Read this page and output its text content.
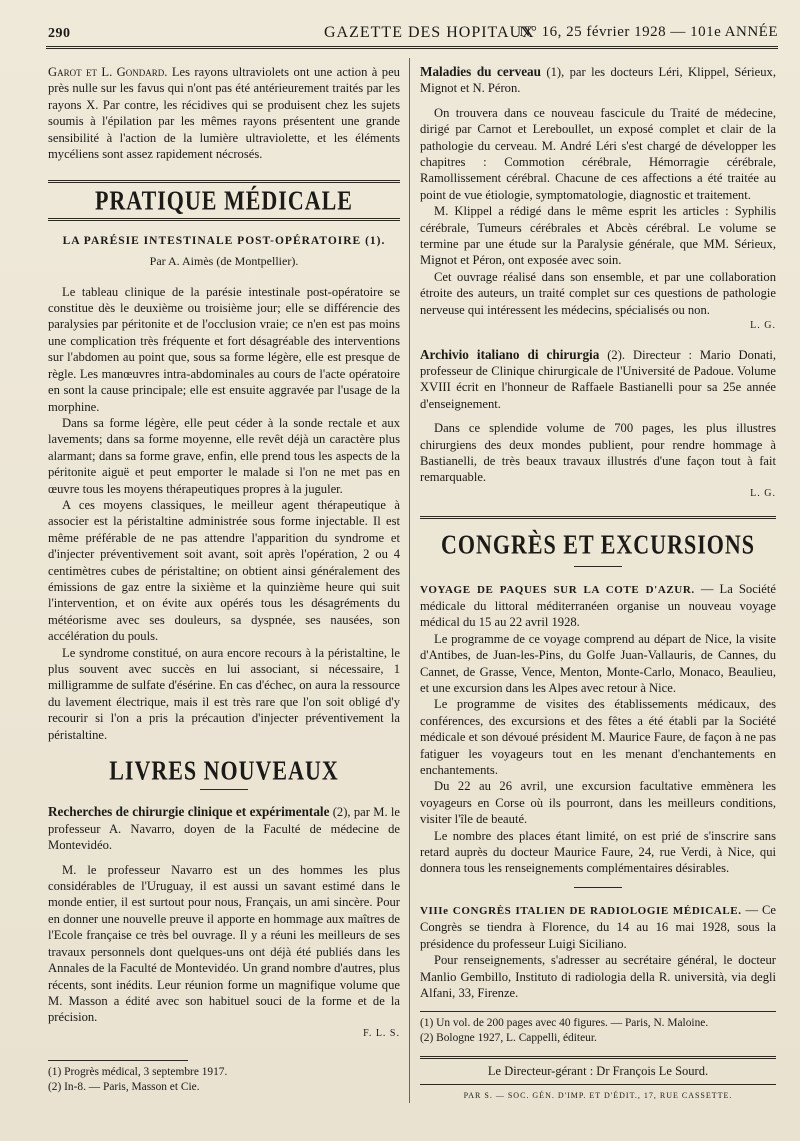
290	GAZETTE DES HOPITAUX
N° 16, 25 février 1928 — 101e ANNÉE

Garot et L. Gondard. Les rayons ultraviolets ont une action à peu près nulle sur les favus qui n'ont pas été antérieurement traités par les rayons X. Par contre, les récidives qui se produisent chez les sujets soumis à l'épilation par les mêmes rayons présentent une grande sensibilité à l'action de la lumière ultraviolette, et les éléments mycéliens sont assez rapidement nécrosés.

PRATIQUE MÉDICALE

LA PARÉSIE INTESTINALE POST-OPÉRATOIRE (1).

Par A. Aimès (de Montpellier).

Le tableau clinique de la parésie intestinale post-opératoire se constitue dès le deuxième ou troisième jour; elle se différencie des paralysies par péritonite et de l'occlusion vraie; ce n'en est pas moins une complication très fréquente et fort désagréable des interventions sur l'abdomen au point que, sous sa forme légère, elle est presque de règle. Les manœuvres intra-abdominales au cours de l'acte opératoire en sont la cause principale; elle est ensuite aggravée par l'usage de la morphine.

Dans sa forme légère, elle peut céder à la sonde rectale et aux lavements; dans sa forme moyenne, elle revêt déjà un caractère plus alarmant; dans sa forme grave, enfin, elle prend tous les aspects de la péritonite aiguë et peut emporter le malade si l'on ne met pas en œuvre tous les moyens thérapeutiques propres à la juguler.

A ces moyens classiques, le meilleur agent thérapeutique à associer est la péristaltine administrée sous forme injectable. Il est même préférable de ne pas attendre l'apparition du syndrome et d'injecter préventivement soit avant, soit après l'opération, 2 ou 4 centimètres cubes de péristaltine; on obtient ainsi généralement des émissions de gaz entre la sixième et la quinzième heure qui suit l'intervention, et on évite aux opérés tous les désagréments du météorisme avec ses douleurs, sa dyspnée, ses nausées, son accélération du pouls.

Le syndrome constitué, on aura encore recours à la péristaltine, le plus souvent avec succès en lui associant, si nécessaire, 1 milligramme de sulfate d'ésérine. En cas d'échec, on aura la ressource du lavement électrique, mais il est très rare que l'on soit obligé d'y recourir si l'on a pris la précaution d'injecter préventivement la péristaltine.

LIVRES NOUVEAUX

Recherches de chirurgie clinique et expérimentale (2), par M. le professeur A. Navarro, doyen de la Faculté de médecine de Montevidéo.

M. le professeur Navarro est un des hommes les plus considérables de l'Uruguay, il est aussi un savant estimé dans le monde entier, il est surtout pour nous, Français, un ami sincère. Pour en donner une nouvelle preuve il apporte en hommage aux maîtres de l'Ecole française ce très bel ouvrage. Il y a réuni les meilleurs de ses travaux personnels dont quelques-uns ont déjà été publiés dans les Annales de la Faculté de Montevidéo. Un grand nombre d'autres, plus récents, sont inédits. Leur réunion forme un magnifique volume que M. Masson a édité avec son habituel souci de la forme et de la précision.

F. L. S.

(1) Progrès médical, 3 septembre 1917.

(2) In-8. — Paris, Masson et Cie.

Maladies du cerveau (1), par les docteurs Léri, Klippel, Sérieux, Mignot et N. Péron.

On trouvera dans ce nouveau fascicule du Traité de médecine, dirigé par Carnot et Lereboullet, un exposé complet et clair de la pathologie du cerveau. M. André Léri s'est chargé de développer les chapitres : Commotion cérébrale, Hémorragie cérébrale, Ramollissement cérébral. Chacune de ces affections a été traitée au point de vue étiologie, symptomatologie, diagnostic et traitement.

M. Klippel a rédigé dans le même esprit les articles : Syphilis cérébrale, Tumeurs cérébrales et Abcès cérébral. Le volume se termine par une étude sur la Paralysie générale, que MM. Sérieux, Mignot et Péron, ont exposée avec soin.

Cet ouvrage réalisé dans son ensemble, et par une collaboration étroite des auteurs, un traité complet sur ces questions de pathologie nerveuse qui intéressent les médecins, spécialisés ou non.

L. G.

Archivio italiano di chirurgia (2). Directeur : Mario Donati, professeur de Clinique chirurgicale de l'Université de Padoue. Volume XVIII écrit en l'honneur de Raffaele Bastianelli pour sa 25e année d'enseignement.

Dans ce splendide volume de 700 pages, les plus illustres chirurgiens des deux mondes publient, pour rendre hommage à Bastianelli, de très beaux travaux illustrés d'une façon tout à fait remarquable.

L. G.

CONGRÈS ET EXCURSIONS

VOYAGE DE PAQUES SUR LA COTE D'AZUR. — La Société médicale du littoral méditerranéen organise un nouveau voyage médical du 15 au 22 avril 1928.

Le programme de ce voyage comprend au départ de Nice, la visite d'Antibes, de Juan-les-Pins, du Golfe Juan-Vallauris, de Cannes, du Cannet, de Grasse, Vence, Menton, Monte-Carlo, Monaco, Beaulieu, et une excursion dans les Alpes avec retour à Nice.

Le programme de visites des établissements médicaux, des conférences, des excursions et des fêtes a été établi par la Société médicale et son dévoué président M. Maurice Faure, de façon à ne pas fatiguer les voyageurs tout en les menant d'enchantements en enchantements.

Du 22 au 26 avril, une excursion facultative emmènera les voyageurs en Corse où ils pourront, dans les meilleurs conditions, visiter l'île de beauté.

Le nombre des places étant limité, on est prié de s'inscrire sans retard auprès du docteur Maurice Faure, 24, rue Verdi, à Nice, qui donnera tous les renseignements complémentaires désirables.

VIIIe CONGRÈS ITALIEN DE RADIOLOGIE MÉDICALE. — Ce Congrès se tiendra à Florence, du 14 au 16 mai 1928, sous la présidence du professeur Luigi Siciliano.

Pour renseignements, s'adresser au secrétaire général, le docteur Manlio Gembillo, Instituto di radiologia della R. università, via degli Alfani, 33, Firenze.

(1) Un vol. de 200 pages avec 40 figures. — Paris, N. Maloine.

(2) Bologne 1927, L. Cappelli, éditeur.

Le Directeur-gérant : Dr François Le Sourd.

PAR S. — SOC. GÉN. D'IMP. ET D'ÉDIT., 17, RUE CASSETTE.
